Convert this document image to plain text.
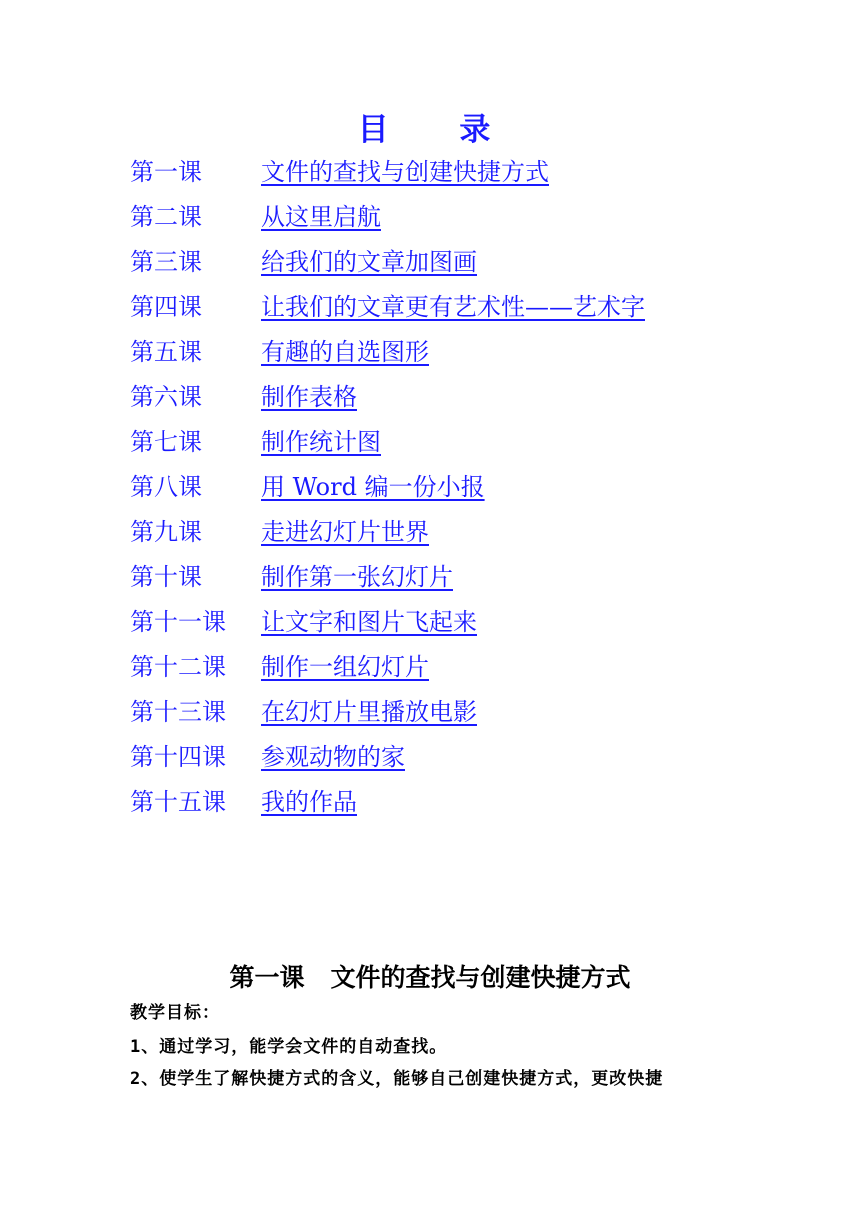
目 录
第一课 文件的查找与创建快捷方式
第二课 从这里启航
第三课 给我们的文章加图画
第四课 让我们的文章更有艺术性——艺术字
第五课 有趣的自选图形
第六课 制作表格
第七课 制作统计图
第八课 用 Word 编一份小报
第九课 走进幻灯片世界
第十课 制作第一张幻灯片
第十一课 让文字和图片飞起来
第十二课 制作一组幻灯片
第十三课 在幻灯片里播放电影
第十四课 参观动物的家
第十五课 我的作品
第一课   文件的查找与创建快捷方式
教学目标：
1、通过学习，能学会文件的自动查找。
2、使学生了解快捷方式的含义，能够自己创建快捷方式，更改快捷
